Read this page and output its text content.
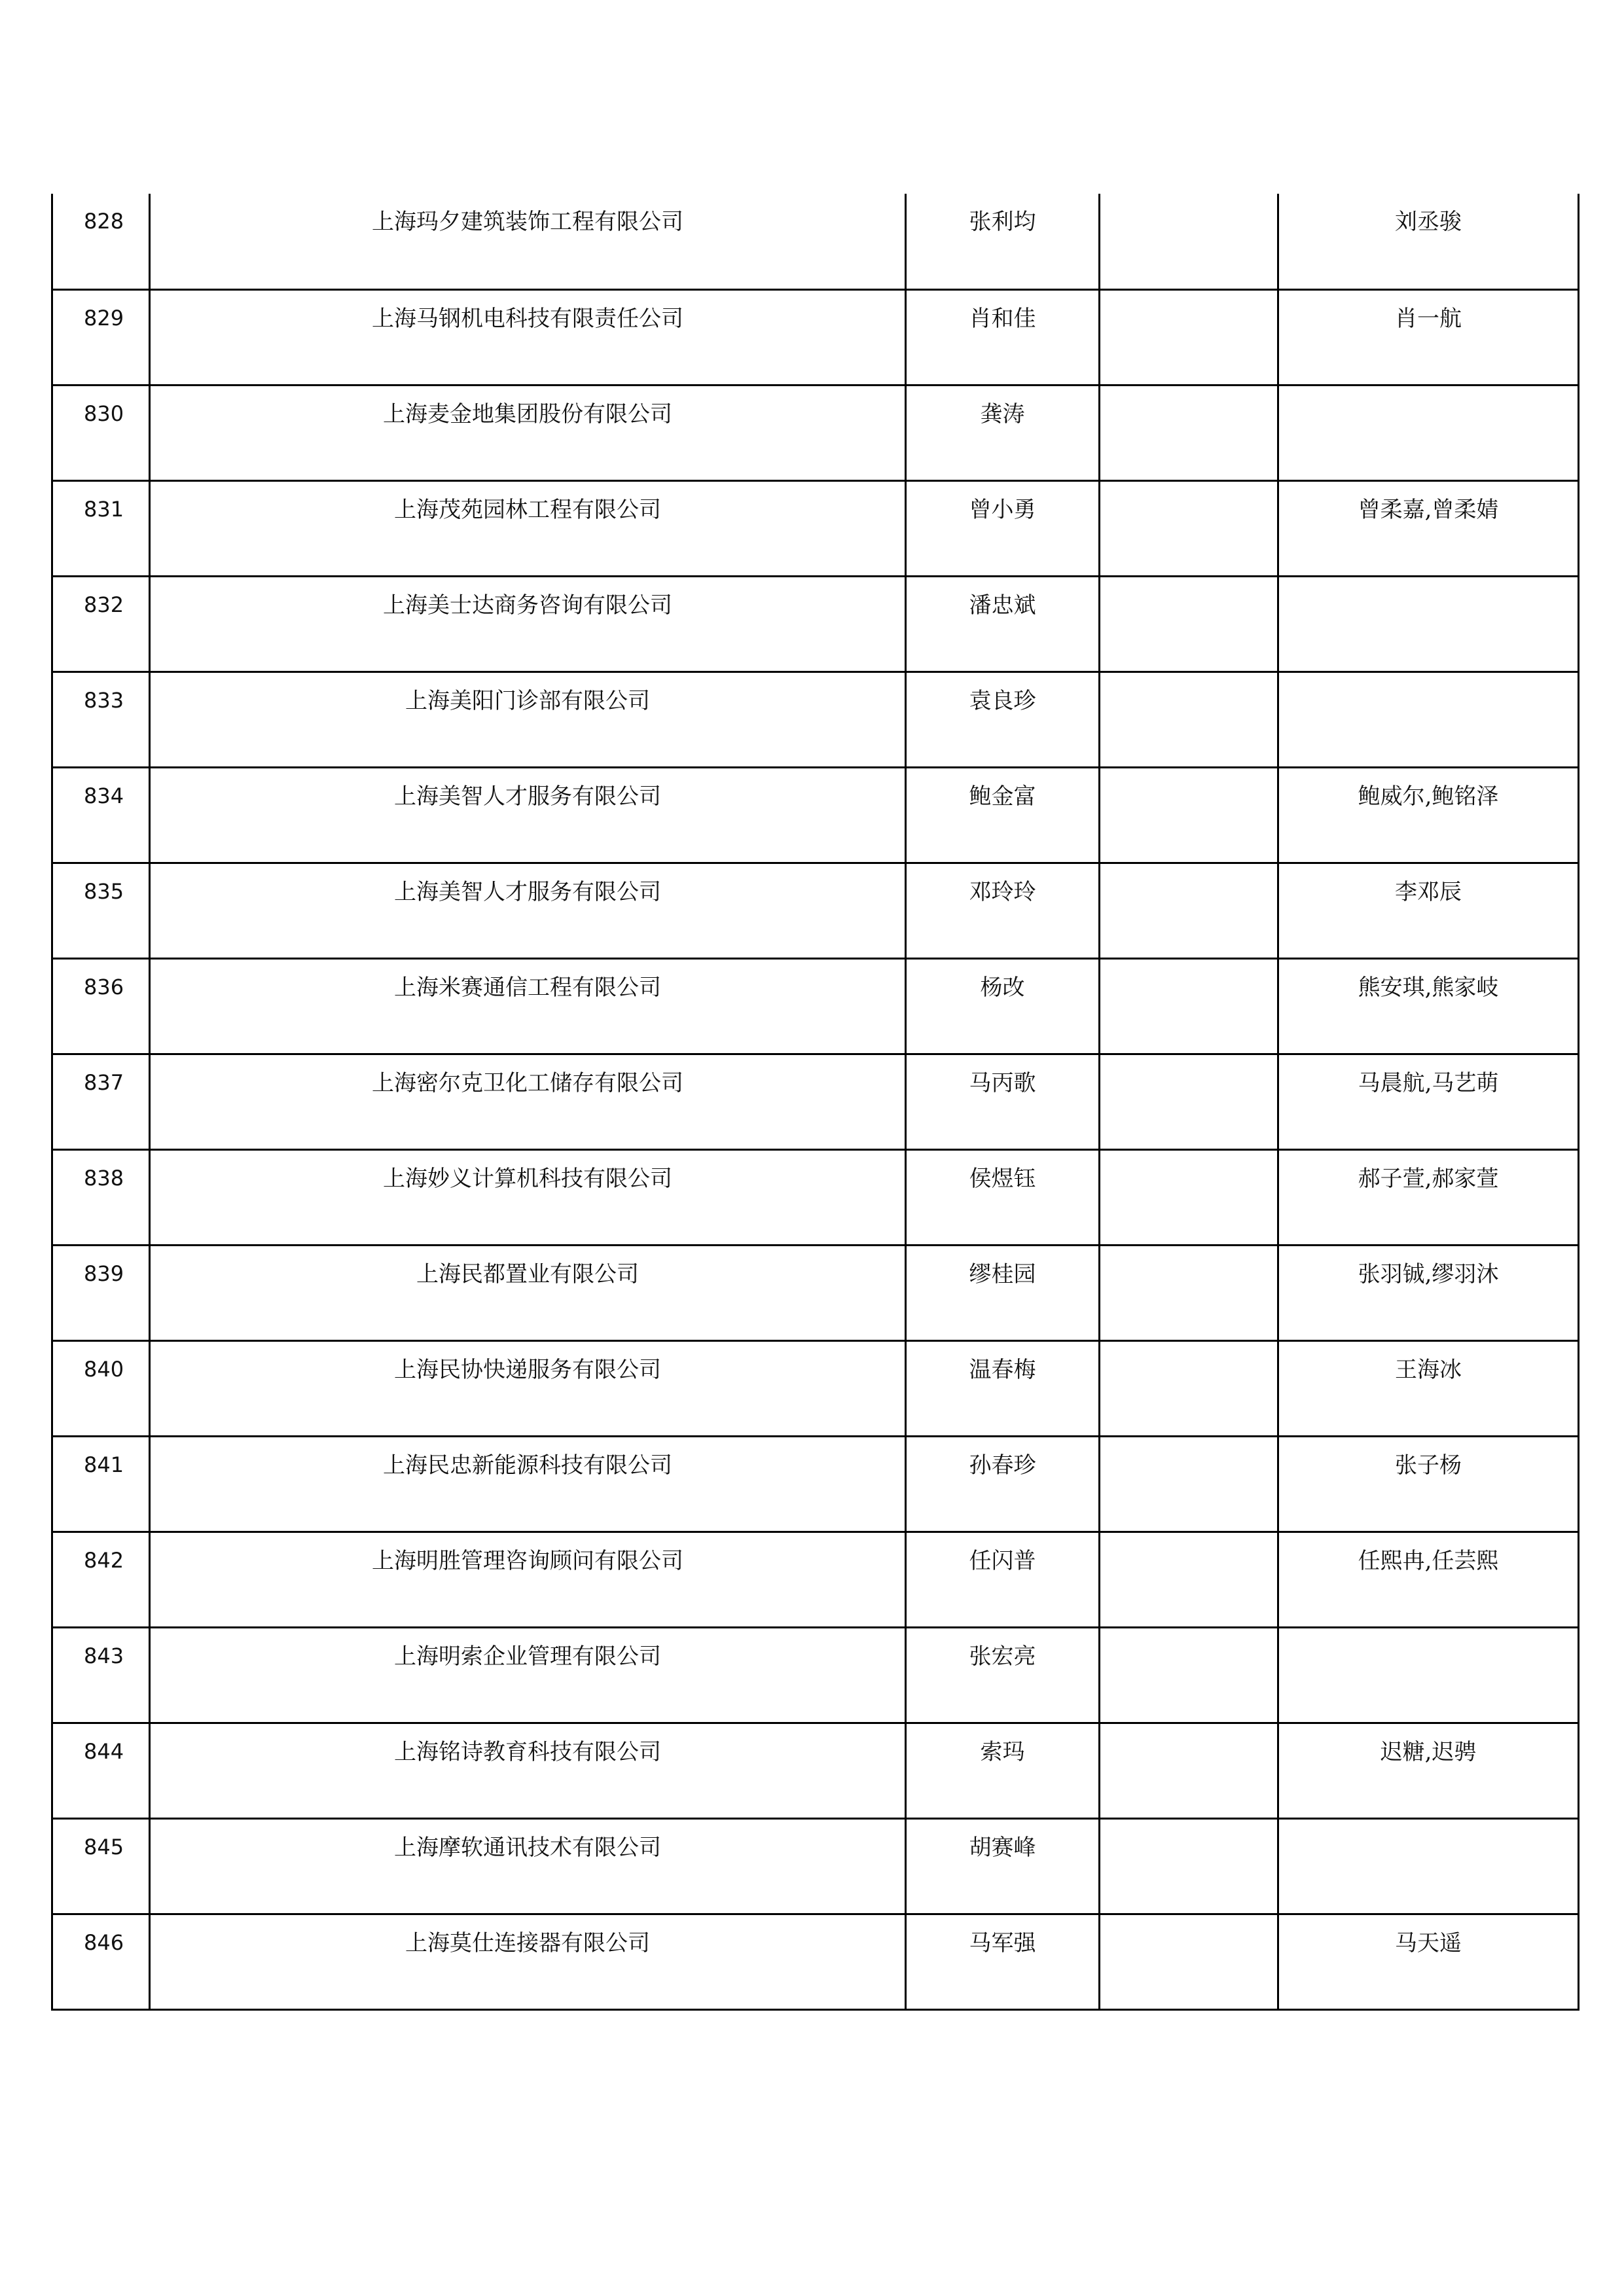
828	上海玛夕建筑装饰工程有限公司	张利均		刘丞骏

829	上海马钢机电科技有限责任公司	肖和佳		肖一航

830	上海麦金地集团股份有限公司	龚涛		

831	上海茂苑园林工程有限公司	曾小勇		曾柔嘉,曾柔婧

832	上海美士达商务咨询有限公司	潘忠斌		

833	上海美阳门诊部有限公司	袁良珍		

834	上海美智人才服务有限公司	鲍金富		鲍威尔,鲍铭泽

835	上海美智人才服务有限公司	邓玲玲		李邓辰

836	上海米赛通信工程有限公司	杨改		熊安琪,熊家岐

837	上海密尔克卫化工储存有限公司	马丙歌		马晨航,马艺萌

838	上海妙义计算机科技有限公司	侯煜钰		郝子萱,郝家萱

839	上海民都置业有限公司	缪桂园		张羽铖,缪羽沐

840	上海民协快递服务有限公司	温春梅		王海冰

841	上海民忠新能源科技有限公司	孙春珍		张子杨

842	上海明胜管理咨询顾问有限公司	任闪普		任熙冉,任芸熙

843	上海明索企业管理有限公司	张宏亮		

844	上海铭诗教育科技有限公司	索玛		迟糖,迟骋

845	上海摩软通讯技术有限公司	胡赛峰		

846	上海莫仕连接器有限公司	马军强		马天遥
